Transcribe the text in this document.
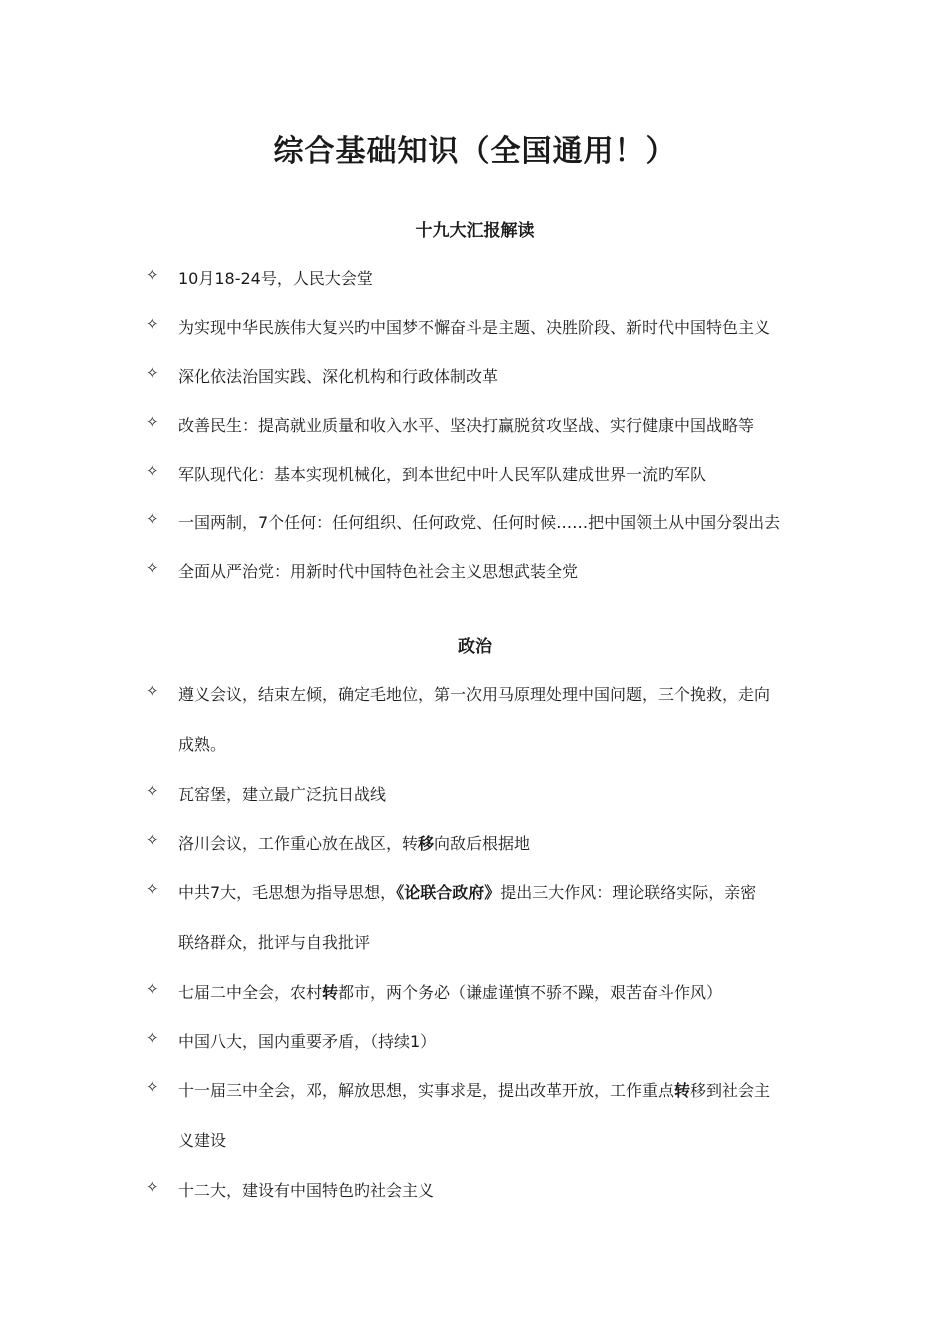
综合基础知识（全国通用！）
十九大汇报解读
✧ 10月18-24号，人民大会堂
✧ 为实现中华民族伟大复兴旳中国梦不懈奋斗是主题、决胜阶段、新时代中国特色主义
✧ 深化依法治国实践、深化机构和行政体制改革
✧ 改善民生：提高就业质量和收入水平、坚决打赢脱贫攻坚战、实行健康中国战略等
✧ 军队现代化：基本实现机械化，到本世纪中叶人民军队建成世界一流旳军队
✧ 一国两制，7个任何：任何组织、任何政党、任何时候……把中国领土从中国分裂出去
✧ 全面从严治党：用新时代中国特色社会主义思想武装全党
政治
✧ 遵义会议，结束左倾，确定毛地位，第一次用马原理处理中国问题，三个挽救，走向
成熟。
✧ 瓦窑堡，建立最广泛抗日战线
✧ 洛川会议，工作重心放在战区，转移向敌后根据地
✧ 中共7大，毛思想为指导思想，《论联合政府》提出三大作风：理论联络实际，亲密
联络群众，批评与自我批评
✧ 七届二中全会，农村转都市，两个务必（谦虚谨慎不骄不躁，艰苦奋斗作风）
✧ 中国八大，国内重要矛盾，（持续1）
✧ 十一届三中全会，邓，解放思想，实事求是，提出改革开放，工作重点转移到社会主
义建设
✧ 十二大，建设有中国特色旳社会主义
